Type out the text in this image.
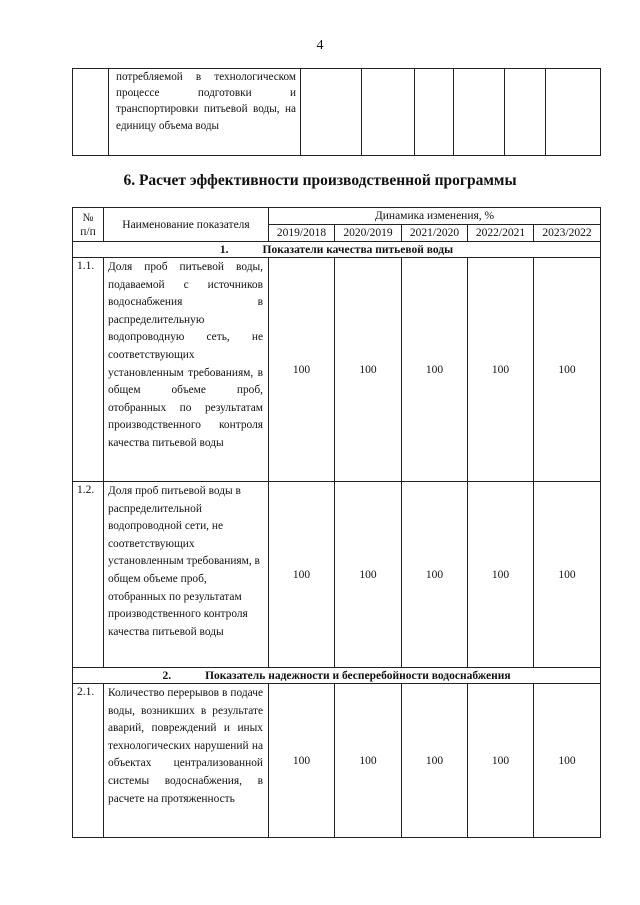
4
	потребляемой в технологическом процессе подготовки и транспортировки питьевой воды, на единицу объема воды						
6. Расчет эффективности производственной программы
№
п/п	Наименование показателя	Динамика изменения, %				
		2019/2018	2020/2019	2021/2020	2022/2021	2023/2022
1. Показатели качества питьевой воды						
1.1.	Доля проб питьевой воды, подаваемой с источников водоснабжения в распределительную водопроводную сеть, не соответствующих установленным требованиям, в общем объеме проб, отобранных по результатам производственного контроля качества питьевой воды	100	100	100	100	100
1.2.	Доля проб питьевой воды в распределительной водопроводной сети, не соответствующих установленным требованиям, в общем объеме проб, отобранных по результатам производственного контроля качества питьевой воды	100	100	100	100	100
2. Показатель надежности и бесперебойности водоснабжения						
2.1.	Количество перерывов в подаче воды, возникших в результате аварий, повреждений и иных технологических нарушений на объектах централизованной системы водоснабжения, в расчете на протяженность	100	100	100	100	100
